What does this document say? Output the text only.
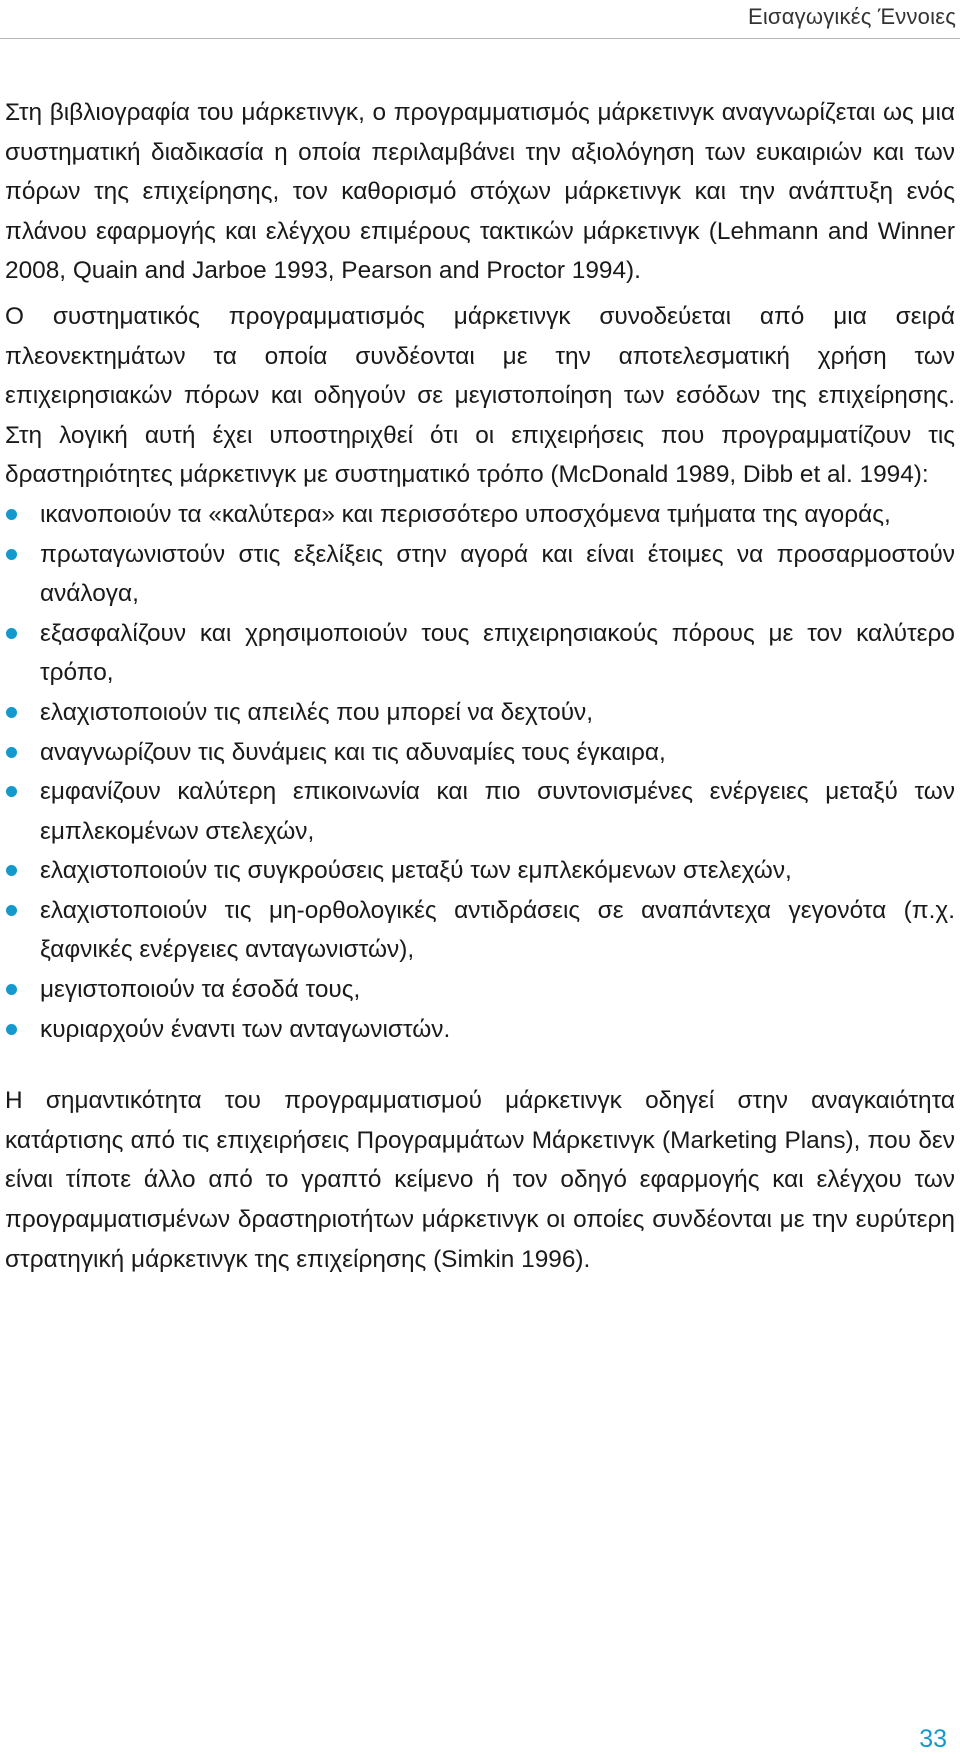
Εισαγωγικές Έννοιες

Στη βιβλιογραφία του μάρκετινγκ, ο προγραμματισμός μάρκετινγκ αναγνωρίζεται ως μια συστηματική διαδικασία η οποία περιλαμβάνει την αξιολόγηση των ευκαιριών και των πόρων της επιχείρησης, τον καθορισμό στόχων μάρκετινγκ και την ανάπτυξη ενός πλάνου εφαρμογής και ελέγχου επιμέρους τακτικών μάρκετινγκ (Lehmann and Winner 2008, Quain and Jarboe 1993, Pearson and Proctor 1994).

Ο συστηματικός προγραμματισμός μάρκετινγκ συνοδεύεται από μια σειρά πλεονεκτημάτων τα οποία συνδέονται με την αποτελεσματική χρήση των επιχειρησιακών πόρων και οδηγούν σε μεγιστοποίηση των εσόδων της επιχείρησης. Στη λογική αυτή έχει υποστηριχθεί ότι οι επιχειρήσεις που προγραμματίζουν τις δραστηριότητες μάρκετινγκ με συστηματικό τρόπο (McDonald 1989, Dibb et al. 1994):

ικανοποιούν τα «καλύτερα» και περισσότερο υποσχόμενα τμήματα της αγοράς,
πρωταγωνιστούν στις εξελίξεις στην αγορά και είναι έτοιμες να προσαρμοστούν ανάλογα,
εξασφαλίζουν και χρησιμοποιούν τους επιχειρησιακούς πόρους με τον καλύτερο τρόπο,
ελαχιστοποιούν τις απειλές που μπορεί να δεχτούν,
αναγνωρίζουν τις δυνάμεις και τις αδυναμίες τους έγκαιρα,
εμφανίζουν καλύτερη επικοινωνία και πιο συντονισμένες ενέργειες μεταξύ των εμπλεκομένων στελεχών,
ελαχιστοποιούν τις συγκρούσεις μεταξύ των εμπλεκόμενων στελεχών,
ελαχιστοποιούν τις μη-ορθολογικές αντιδράσεις σε αναπάντεχα γεγονότα (π.χ. ξαφνικές ενέργειες ανταγωνιστών),
μεγιστοποιούν τα έσοδά τους,
κυριαρχούν έναντι των ανταγωνιστών.

Η σημαντικότητα του προγραμματισμού μάρκετινγκ οδηγεί στην αναγκαιότητα κατάρτισης από τις επιχειρήσεις Προγραμμάτων Μάρκετινγκ (Marketing Plans), που δεν είναι τίποτε άλλο από το γραπτό κείμενο ή τον οδηγό εφαρμογής και ελέγχου των προγραμματισμένων δραστηριοτήτων μάρκετινγκ οι οποίες συνδέονται με την ευρύτερη στρατηγική μάρκετινγκ της επιχείρησης (Simkin 1996).

33
